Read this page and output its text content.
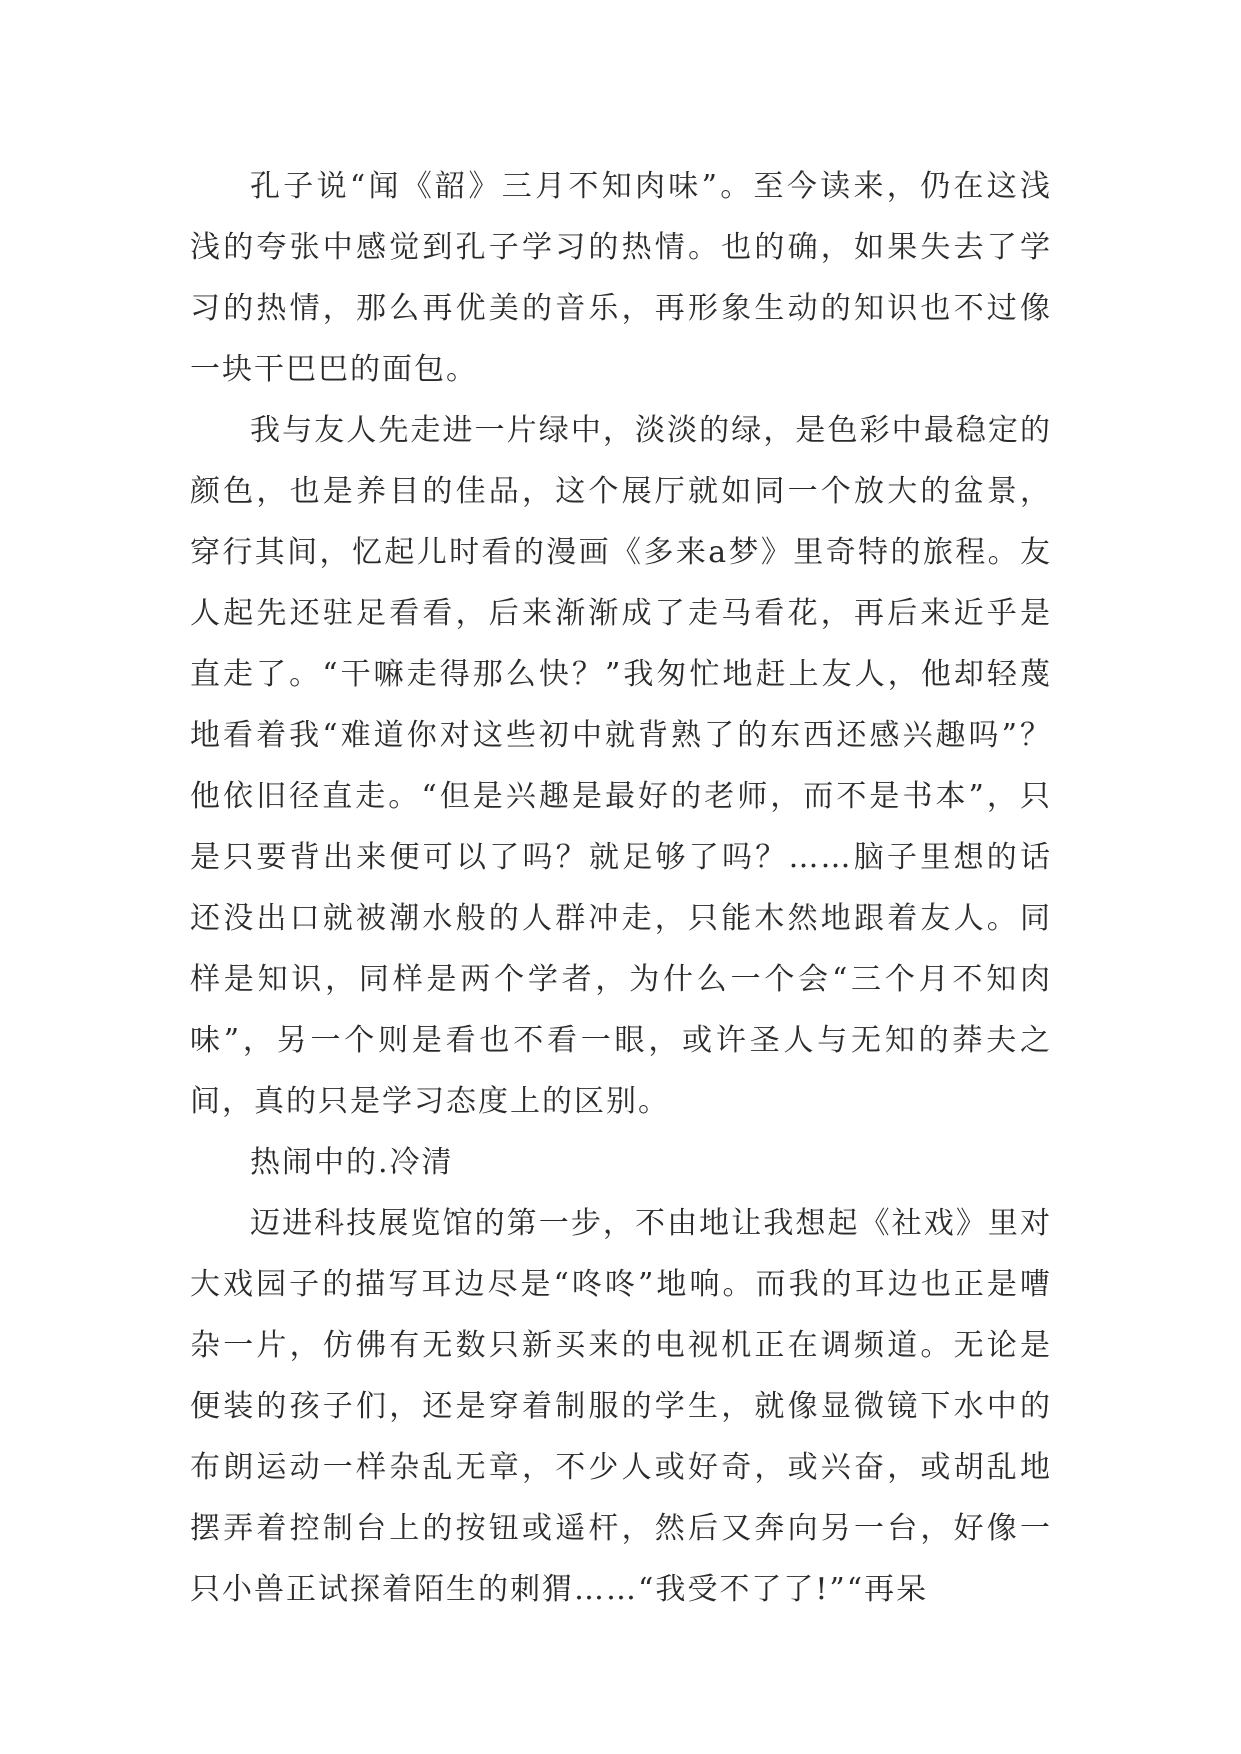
孔子说“闻《韶》三月不知肉味”。至今读来，仍在这浅浅的夸张中感觉到孔子学习的热情。也的确，如果失去了学习的热情，那么再优美的音乐，再形象生动的知识也不过像一块干巴巴的面包。

我与友人先走进一片绿中，淡淡的绿，是色彩中最稳定的颜色，也是养目的佳品，这个展厅就如同一个放大的盆景，穿行其间，忆起儿时看的漫画《多来a梦》里奇特的旅程。友人起先还驻足看看，后来渐渐成了走马看花，再后来近乎是直走了。“干嘛走得那么快？”我匆忙地赶上友人，他却轻蔑地看着我“难道你对这些初中就背熟了的东西还感兴趣吗”？他依旧径直走。“但是兴趣是最好的老师，而不是书本”，只是只要背出来便可以了吗？就足够了吗？……脑子里想的话还没出口就被潮水般的人群冲走，只能木然地跟着友人。同样是知识，同样是两个学者，为什么一个会“三个月不知肉味”，另一个则是看也不看一眼，或许圣人与无知的莽夫之间，真的只是学习态度上的区别。

热闹中的.冷清

迈进科技展览馆的第一步，不由地让我想起《社戏》里对大戏园子的描写耳边尽是“咚咚”地响。而我的耳边也正是嘈杂一片，仿佛有无数只新买来的电视机正在调频道。无论是便装的孩子们，还是穿着制服的学生，就像显微镜下水中的布朗运动一样杂乱无章，不少人或好奇，或兴奋，或胡乱地摆弄着控制台上的按钮或遥杆，然后又奔向另一台，好像一只小兽正试探着陌生的刺猬……“我受不了了!”“再呆
